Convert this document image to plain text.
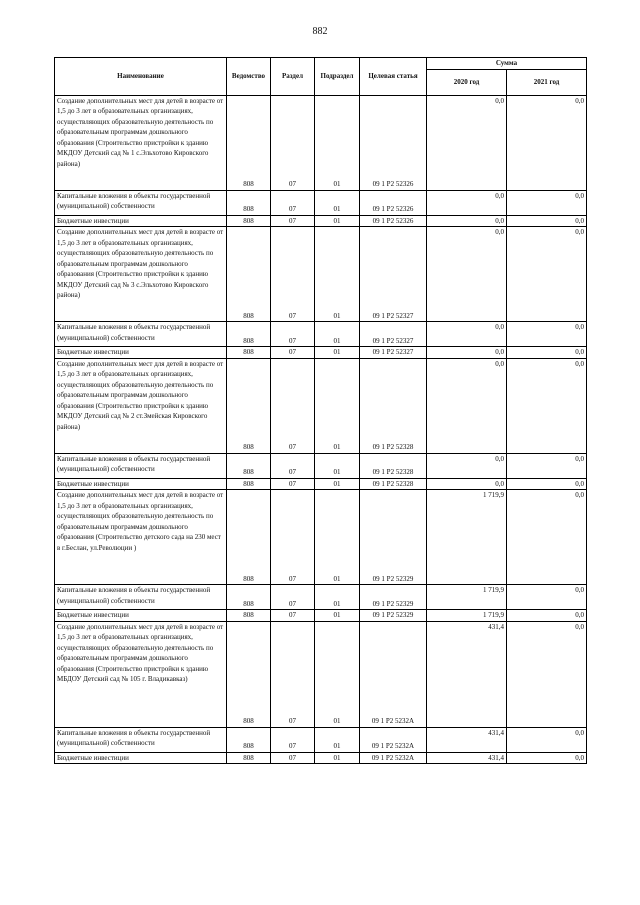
882
Наименование	Ведомство	Раздел	Подраздел	Целевая статья	Сумма	
					2020 год	2021 год
Создание дополнительных мест для детей в возрасте от 1,5 до 3 лет в образовательных организациях, осуществляющих образовательную деятельность по образовательным программам дошкольного образования (Строительство пристройки к зданию МКДОУ Детский сад № 1 с.Эльхотово Кировского района)	808	07	01	09 1 P2 52326	0,0	0,0
Капитальные вложения в объекты государственной (муниципальной) собственности	808	07	01	09 1 P2 52326	0,0	0,0
Бюджетные инвестиции	808	07	01	09 1 P2 52326	0,0	0,0
Создание дополнительных мест для детей в возрасте от 1,5 до 3 лет в образовательных организациях, осуществляющих образовательную деятельность по образовательным программам дошкольного образования (Строительство пристройки к зданию МКДОУ Детский сад № 3 с.Эльхотово Кировского района)	808	07	01	09 1 P2 52327	0,0	0,0
Капитальные вложения в объекты государственной (муниципальной) собственности	808	07	01	09 1 P2 52327	0,0	0,0
Бюджетные инвестиции	808	07	01	09 1 P2 52327	0,0	0,0
Создание дополнительных мест для детей в возрасте от 1,5 до 3 лет в образовательных организациях, осуществляющих образовательную деятельность по образовательным программам дошкольного образования (Строительство пристройки к зданию МКДОУ Детский сад № 2 ст.Змейская Кировского района)	808	07	01	09 1 P2 52328	0,0	0,0
Капитальные вложения в объекты государственной (муниципальной) собственности	808	07	01	09 1 P2 52328	0,0	0,0
Бюджетные инвестиции	808	07	01	09 1 P2 52328	0,0	0,0
Создание дополнительных мест для детей в возрасте от 1,5 до 3 лет в образовательных организациях, осуществляющих образовательную деятельность по образовательным программам дошкольного образования (Строительство детского сада на 230 мест в г.Беслан, ул.Революции )	808	07	01	09 1 P2 52329	1 719,9	0,0
Капитальные вложения в объекты государственной (муниципальной) собственности	808	07	01	09 1 P2 52329	1 719,9	0,0
Бюджетные инвестиции	808	07	01	09 1 P2 52329	1 719,9	0,0
Создание дополнительных мест для детей в возрасте от 1,5 до 3 лет в образовательных организациях, осуществляющих образовательную деятельность по образовательным программам дошкольного образования (Строительство пристройки к зданию МБДОУ Детский сад № 105 г. Владикавказ)	808	07	01	09 1 P2 5232A	431,4	0,0
Капитальные вложения в объекты государственной (муниципальной) собственности	808	07	01	09 1 P2 5232A	431,4	0,0
Бюджетные инвестиции	808	07	01	09 1 P2 5232A	431,4	0,0
